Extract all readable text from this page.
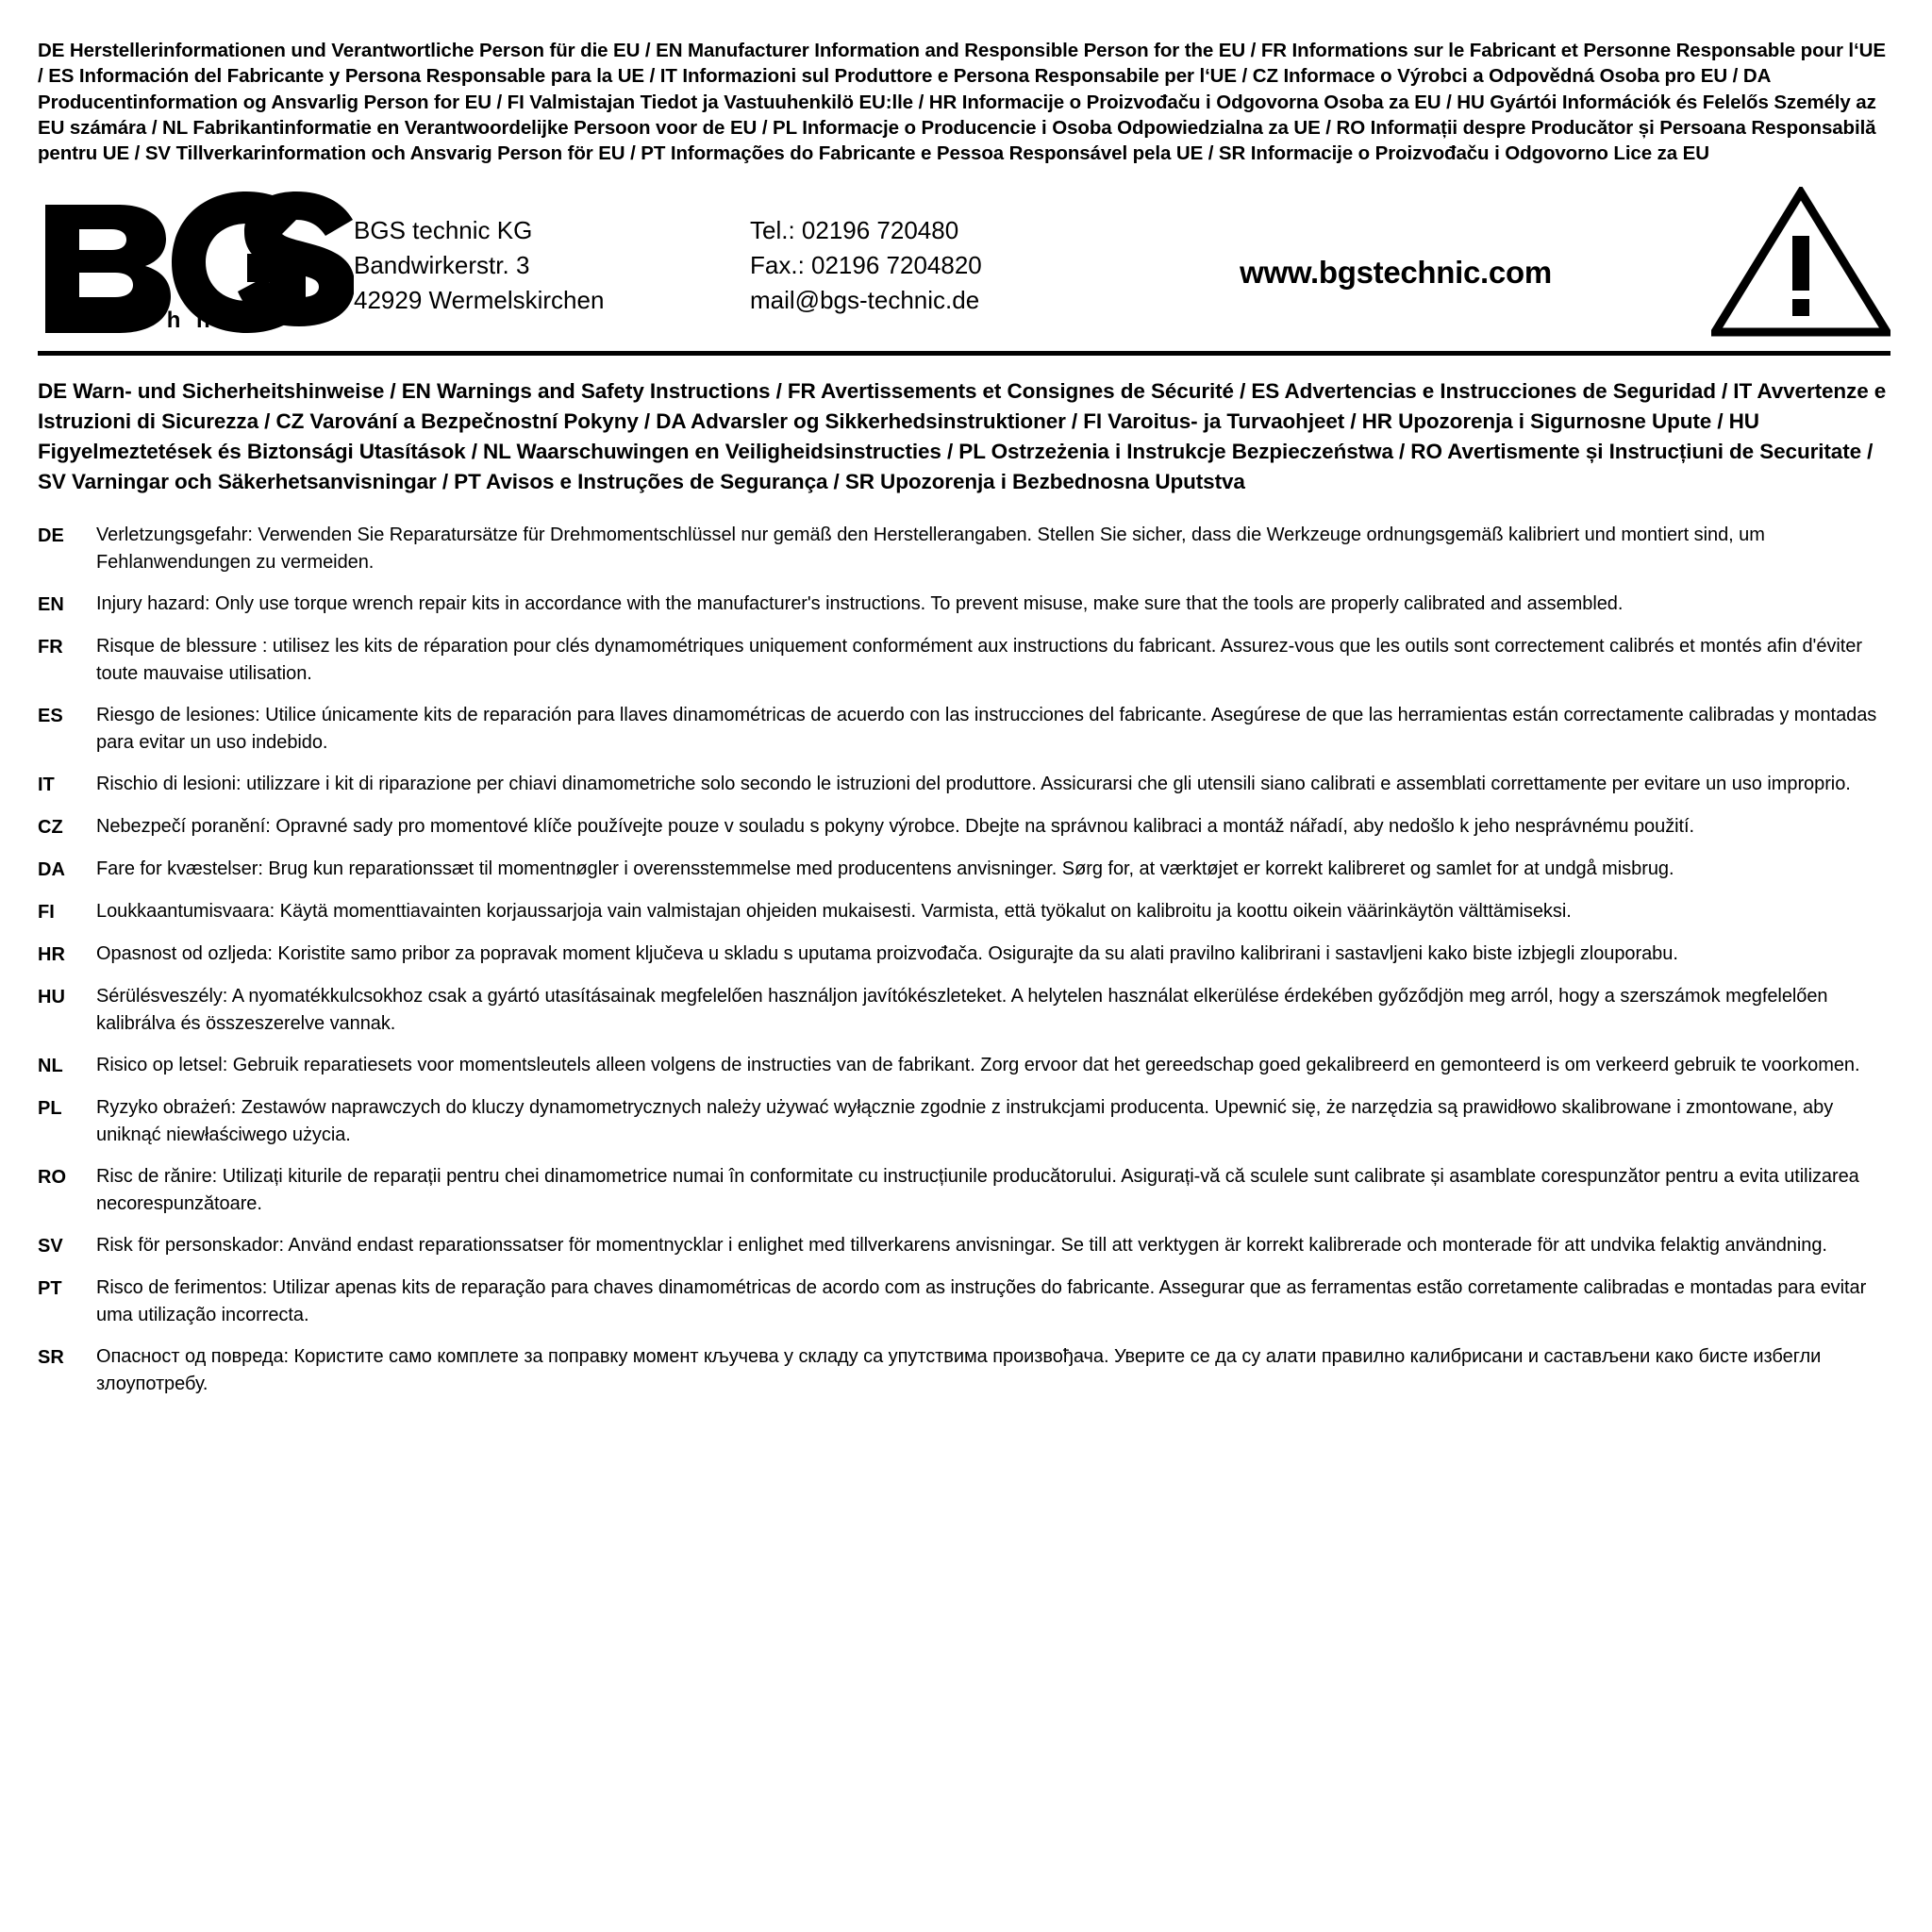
DE Herstellerinformationen und Verantwortliche Person für die EU / EN Manufacturer Information and Responsible Person for the EU / FR Informations sur le Fabricant et Personne Responsable pour l‘UE / ES Información del Fabricante y Persona Responsable para la UE / IT Informazioni sul Produttore e Persona Responsabile per l‘UE / CZ Informace o Výrobci a Odpovědná Osoba pro EU / DA Producentinformation og Ansvarlig Person for EU / FI Valmistajan Tiedot ja Vastuuhenkilö EU:lle / HR Informacije o Proizvođaču i Odgovorna Osoba za EU / HU Gyártói Információk és Felelős Személy az EU számára / NL Fabrikantinformatie en Verantwoordelijke Persoon voor de EU / PL Informacje o Producencie i Osoba Odpowiedzialna za UE / RO Informații despre Producător și Persoana Responsabilă pentru UE / SV Tillverkarinformation och Ansvarig Person för EU / PT Informações do Fabricante e Pessoa Responsável pela UE / SR Informacije o Proizvođaču i Odgovorno Lice za EU
®
t e c h n i c
BGS technic KG
Bandwirkerstr. 3
42929 Wermelskirchen
Tel.: 02196 720480
Fax.: 02196 7204820
mail@bgs-technic.de
www.bgstechnic.com
DE Warn- und Sicherheitshinweise / EN Warnings and Safety Instructions / FR Avertissements et Consignes de Sécurité / ES Advertencias e Instrucciones de Seguridad / IT Avvertenze e Istruzioni di Sicurezza / CZ Varování a Bezpečnostní Pokyny / DA Advarsler og Sikkerhedsinstruktioner / FI Varoitus- ja Turvaohjeet / HR Upozorenja i Sigurnosne Upute / HU Figyelmeztetések és Biztonsági Utasítások / NL Waarschuwingen en Veiligheidsinstructies / PL Ostrzeżenia i Instrukcje Bezpieczeństwa / RO Avertismente și Instrucțiuni de Securitate / SV Varningar och Säkerhetsanvisningar / PT Avisos e Instruções de Segurança / SR Upozorenja i Bezbednosna Uputstva
DE	Verletzungsgefahr: Verwenden Sie Reparatursätze für Drehmomentschlüssel nur gemäß den Herstellerangaben. Stellen Sie sicher, dass die Werkzeuge ordnungsgemäß kalibriert und montiert sind, um Fehlanwendungen zu vermeiden.
EN	Injury hazard: Only use torque wrench repair kits in accordance with the manufacturer's instructions. To prevent misuse, make sure that the tools are properly calibrated and assembled.
FR	Risque de blessure : utilisez les kits de réparation pour clés dynamométriques uniquement conformément aux instructions du fabricant. Assurez-vous que les outils sont correctement calibrés et montés afin d'éviter toute mauvaise utilisation.
ES	Riesgo de lesiones: Utilice únicamente kits de reparación para llaves dinamométricas de acuerdo con las instrucciones del fabricante. Asegúrese de que las herramientas están correctamente calibradas y montadas para evitar un uso indebido.
IT	Rischio di lesioni: utilizzare i kit di riparazione per chiavi dinamometriche solo secondo le istruzioni del produttore. Assicurarsi che gli utensili siano calibrati e assemblati correttamente per evitare un uso improprio.
CZ	Nebezpečí poranění: Opravné sady pro momentové klíče používejte pouze v souladu s pokyny výrobce. Dbejte na správnou kalibraci a montáž nářadí, aby nedošlo k jeho nesprávnému použití.
DA	Fare for kvæstelser: Brug kun reparationssæt til momentnøgler i overensstemmelse med producentens anvisninger. Sørg for, at værktøjet er korrekt kalibreret og samlet for at undgå misbrug.
FI	Loukkaantumisvaara: Käytä momenttiavainten korjaussarjoja vain valmistajan ohjeiden mukaisesti. Varmista, että työkalut on kalibroitu ja koottu oikein väärinkäytön välttämiseksi.
HR	Opasnost od ozljeda: Koristite samo pribor za popravak moment ključeva u skladu s uputama proizvođača. Osigurajte da su alati pravilno kalibrirani i sastavljeni kako biste izbjegli zlouporabu.
HU	Sérülésveszély: A nyomatékkulcsokhoz csak a gyártó utasításainak megfelelően használjon javítókészleteket. A helytelen használat elkerülése érdekében győződjön meg arról, hogy a szerszámok megfelelően kalibrálva és összeszerelve vannak.
NL	Risico op letsel: Gebruik reparatiesets voor momentsleutels alleen volgens de instructies van de fabrikant. Zorg ervoor dat het gereedschap goed gekalibreerd en gemonteerd is om verkeerd gebruik te voorkomen.
PL	Ryzyko obrażeń: Zestawów naprawczych do kluczy dynamometrycznych należy używać wyłącznie zgodnie z instrukcjami producenta. Upewnić się, że narzędzia są prawidłowo skalibrowane i zmontowane, aby uniknąć niewłaściwego użycia.
RO	Risc de rănire: Utilizați kiturile de reparații pentru chei dinamometrice numai în conformitate cu instrucțiunile producătorului. Asigurați-vă că sculele sunt calibrate și asamblate corespunzător pentru a evita utilizarea necorespunzătoare.
SV	Risk för personskador: Använd endast reparationssatser för momentnycklar i enlighet med tillverkarens anvisningar. Se till att verktygen är korrekt kalibrerade och monterade för att undvika felaktig användning.
PT	Risco de ferimentos: Utilizar apenas kits de reparação para chaves dinamométricas de acordo com as instruções do fabricante. Assegurar que as ferramentas estão corretamente calibradas e montadas para evitar uma utilização incorrecta.
SR	Опасност од повреда: Користите само комплете за поправку момент кључева у складу са упутствима произвођача. Уверите се да су алати правилно калибрисани и састављени како бисте избегли злоупотребу.
